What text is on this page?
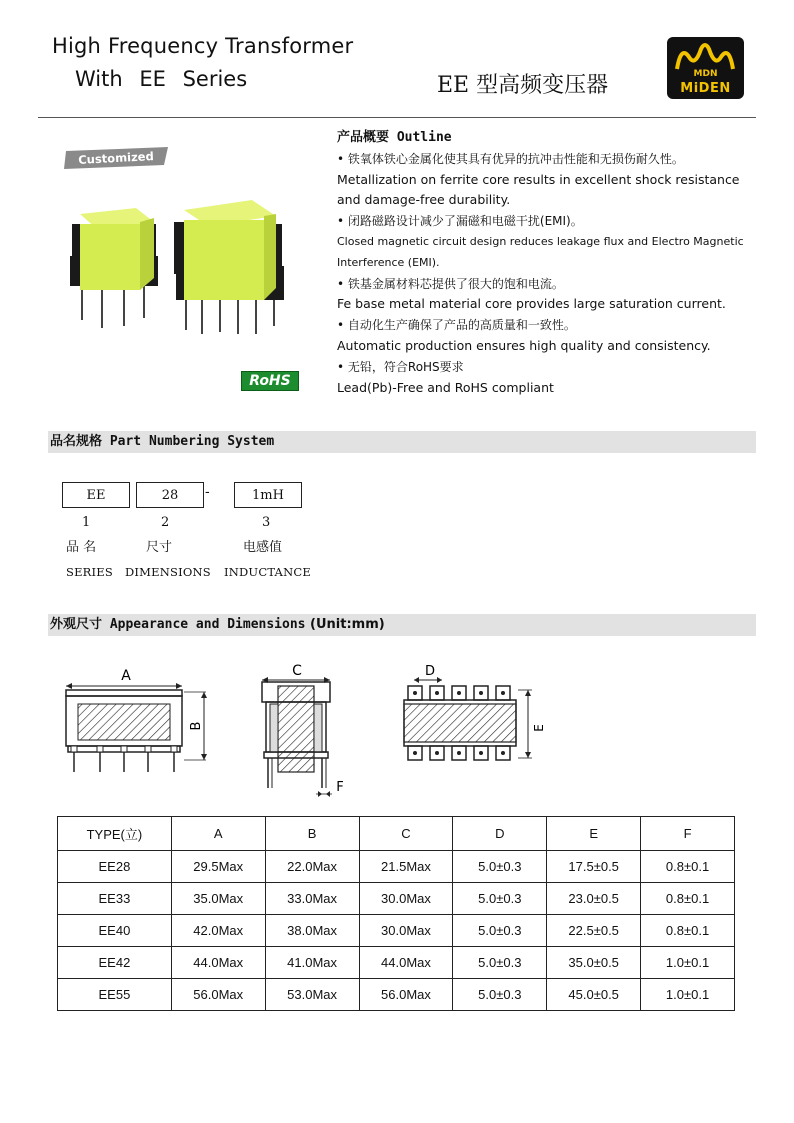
High Frequency Transformer
With EE Series	EE 型高频变压器	MDN
MiDEN
Customized
RoHS

产品概要 Outline

• 铁氧体铁心金属化使其具有优异的抗冲击性能和无损伤耐久性。

Metallization on ferrite core results in excellent shock resistance and damage-free durability.

• 闭路磁路设计减少了漏磁和电磁干扰(EMI)。

Closed magnetic circuit design reduces leakage flux and Electro Magnetic Interference (EMI).

• 铁基金属材料芯提供了很大的饱和电流。

Fe base metal material core provides large saturation current.

• 自动化生产确保了产品的高质量和一致性。

Automatic production ensures high quality and consistency.

• 无铅，符合RoHS要求

Lead(Pb)-Free and RoHS compliant

品名规格 Part Numbering System
EE	28	-	1mH
1	2	3
品 名	尺寸	电感值
SERIES DIMENSIONS INDUCTANCE
外观尺寸 Appearance and Dimensions (Unit:mm)
A
B
C
F
D
E
TYPE(立)	A	B	C	D	E	F
EE28	29.5Max	22.0Max	21.5Max	5.0±0.3	17.5±0.5	0.8±0.1
EE33	35.0Max	33.0Max	30.0Max	5.0±0.3	23.0±0.5	0.8±0.1
EE40	42.0Max	38.0Max	30.0Max	5.0±0.3	22.5±0.5	0.8±0.1
EE42	44.0Max	41.0Max	44.0Max	5.0±0.3	35.0±0.5	1.0±0.1
EE55	56.0Max	53.0Max	56.0Max	5.0±0.3	45.0±0.5	1.0±0.1
